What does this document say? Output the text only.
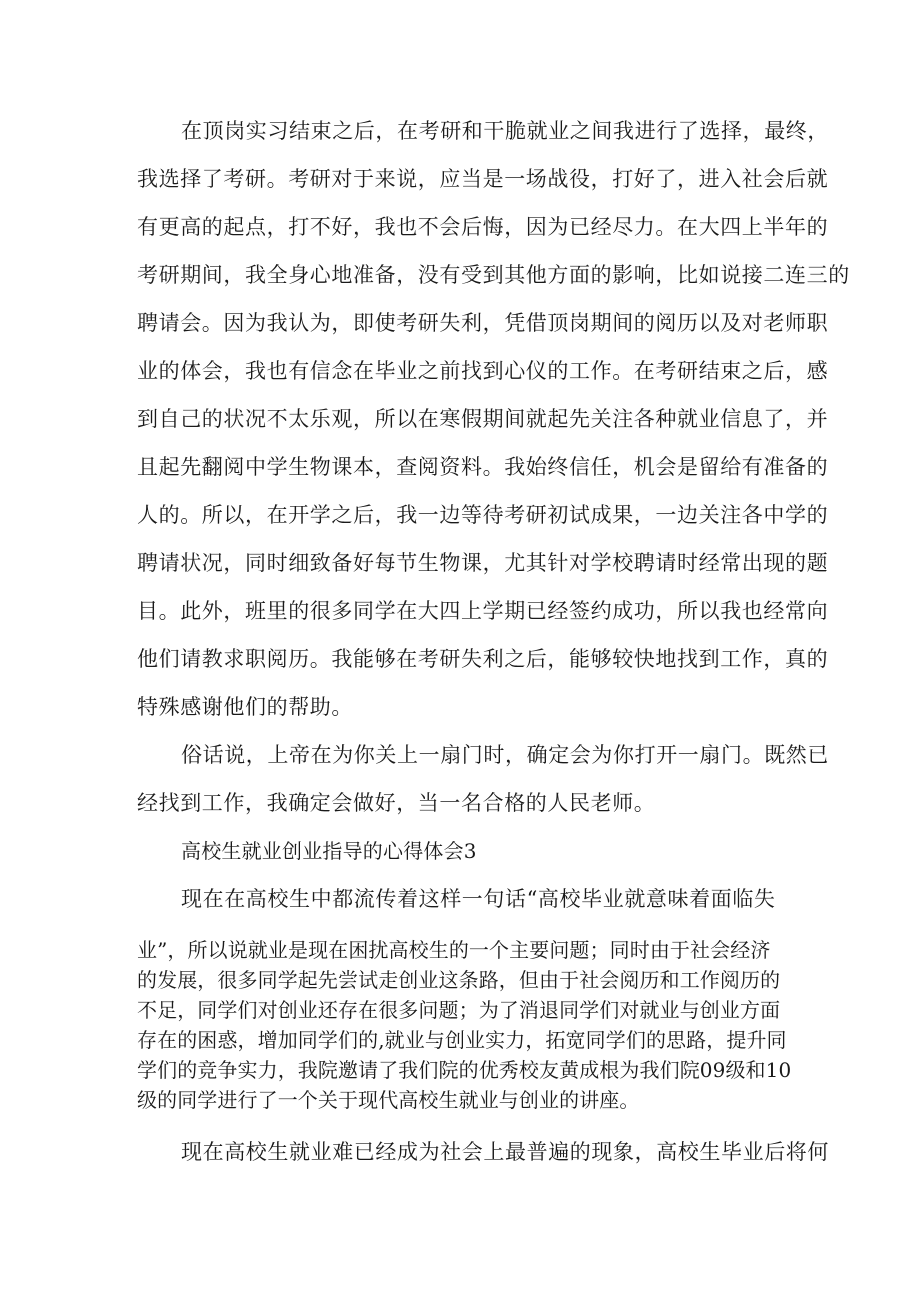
在顶岗实习结束之后，在考研和干脆就业之间我进行了选择，最终，
我选择了考研。考研对于来说，应当是一场战役，打好了，进入社会后就
有更高的起点，打不好，我也不会后悔，因为已经尽力。在大四上半年的
考研期间，我全身心地准备，没有受到其他方面的影响，比如说接二连三的
聘请会。因为我认为，即使考研失利，凭借顶岗期间的阅历以及对老师职
业的体会，我也有信念在毕业之前找到心仪的工作。在考研结束之后，感
到自己的状况不太乐观，所以在寒假期间就起先关注各种就业信息了，并
且起先翻阅中学生物课本，查阅资料。我始终信任，机会是留给有准备的
人的。所以，在开学之后，我一边等待考研初试成果，一边关注各中学的
聘请状况，同时细致备好每节生物课，尤其针对学校聘请时经常出现的题
目。此外，班里的很多同学在大四上学期已经签约成功，所以我也经常向
他们请教求职阅历。我能够在考研失利之后，能够较快地找到工作，真的
特殊感谢他们的帮助。
俗话说，上帝在为你关上一扇门时，确定会为你打开一扇门。既然已
经找到工作，我确定会做好，当一名合格的人民老师。
高校生就业创业指导的心得体会3
现在在高校生中都流传着这样一句话“高校毕业就意味着面临失
业”，所以说就业是现在困扰高校生的一个主要问题；同时由于社会经济
的发展，很多同学起先尝试走创业这条路，但由于社会阅历和工作阅历的
不足，同学们对创业还存在很多问题；为了消退同学们对就业与创业方面
存在的困惑，增加同学们的,就业与创业实力，拓宽同学们的思路，提升同
学们的竞争实力，我院邀请了我们院的优秀校友黄成根为我们院09级和10
级的同学进行了一个关于现代高校生就业与创业的讲座。
现在高校生就业难已经成为社会上最普遍的现象，高校生毕业后将何
